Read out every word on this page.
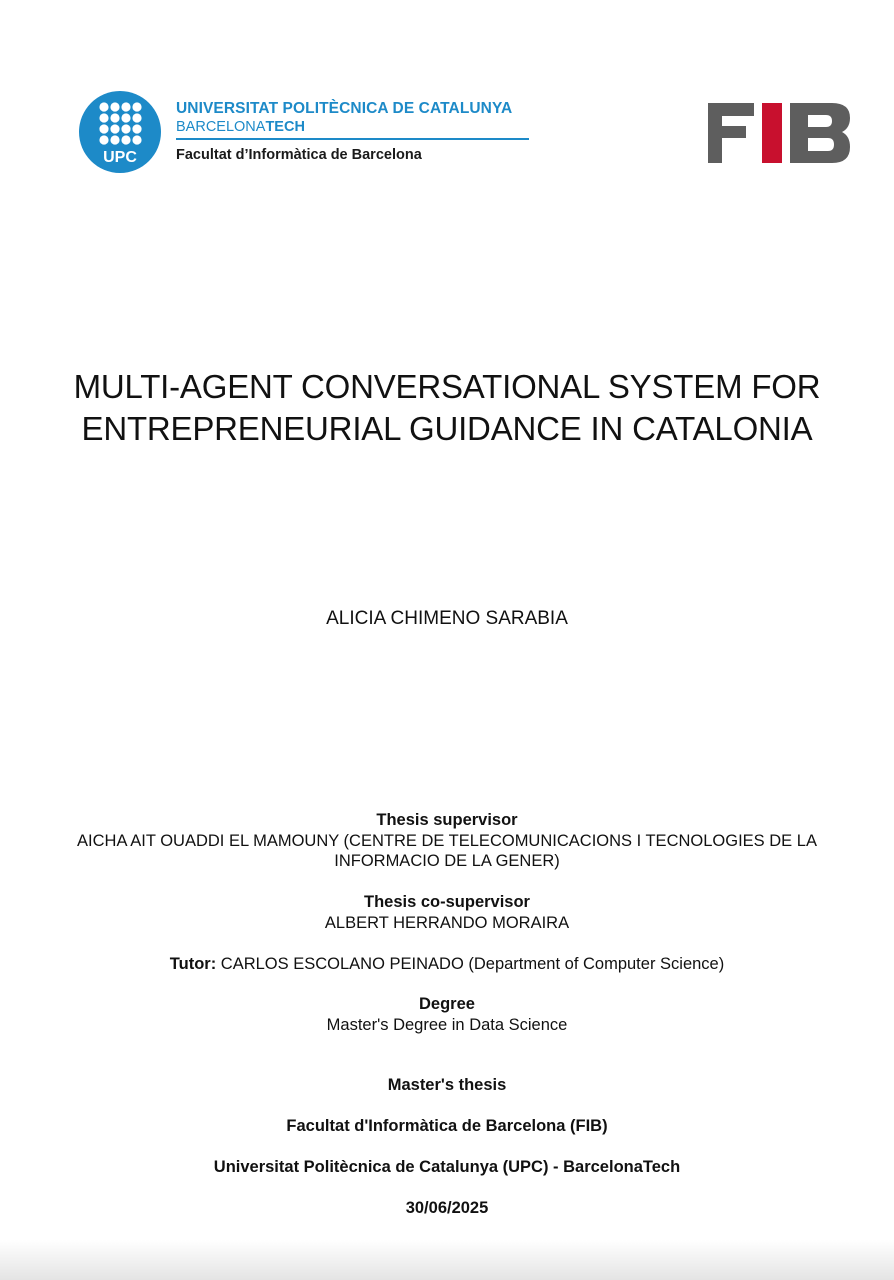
UPC
UNIVERSITAT POLITÈCNICA DE CATALUNYA
BARCELONATECH
Facultat d’Informàtica de Barcelona
FIB
MULTI-AGENT CONVERSATIONAL SYSTEM FOR ENTREPRENEURIAL GUIDANCE IN CATALONIA
ALICIA CHIMENO SARABIA
Thesis supervisor
AICHA AIT OUADDI EL MAMOUNY (CENTRE DE TELECOMUNICACIONS I TECNOLOGIES DE LA INFORMACIO DE LA GENER)
Thesis co-supervisor
ALBERT HERRANDO MORAIRA
Tutor: CARLOS ESCOLANO PEINADO (Department of Computer Science)
Degree
Master's Degree in Data Science
Master's thesis
Facultat d'Informàtica de Barcelona (FIB)
Universitat Politècnica de Catalunya (UPC) - BarcelonaTech
30/06/2025
